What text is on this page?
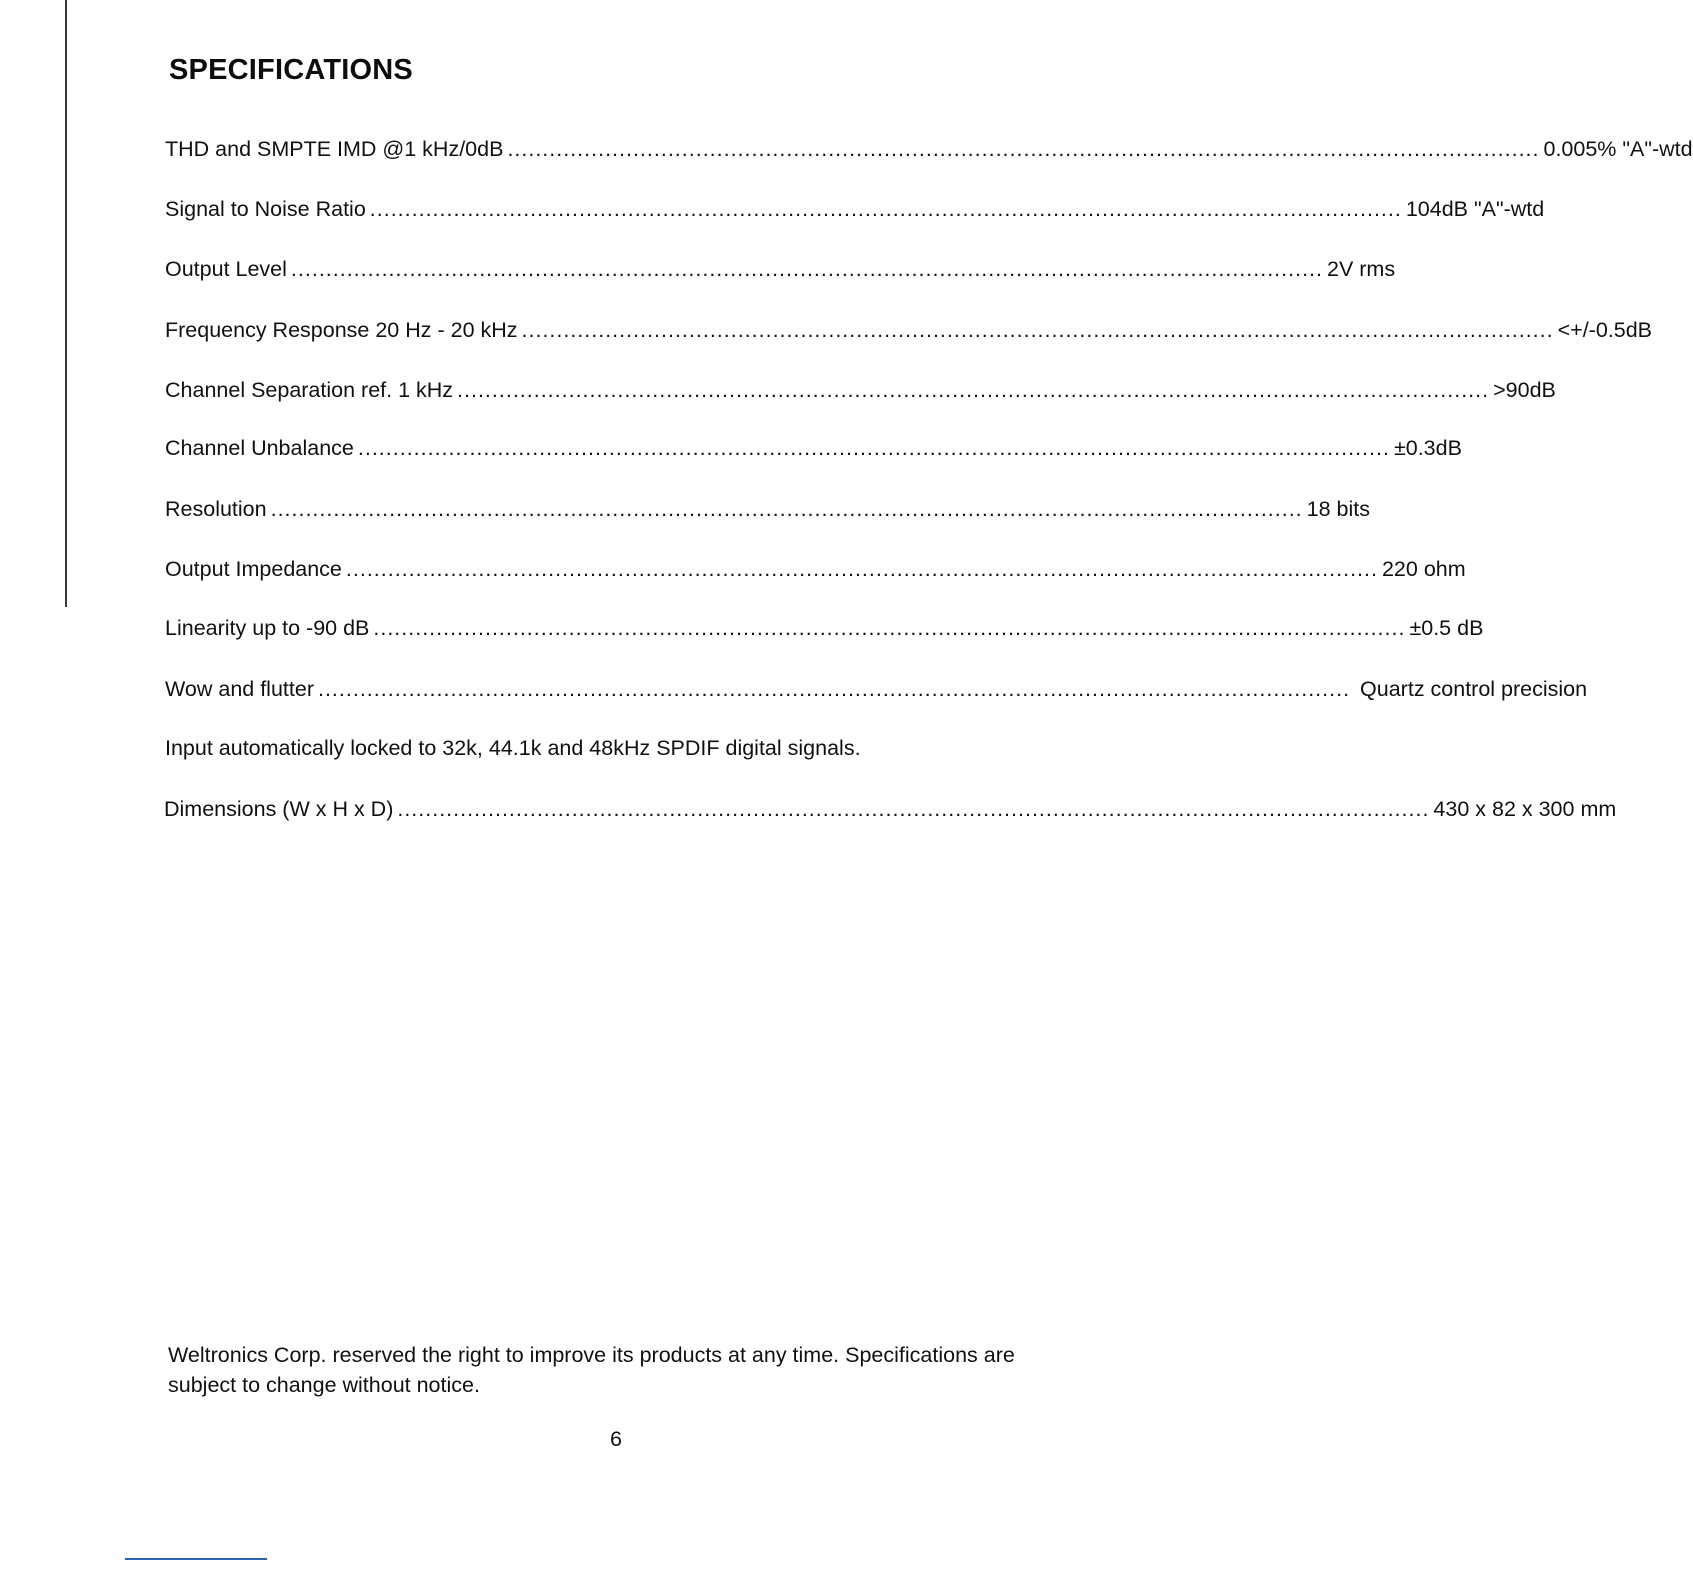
SPECIFICATIONS
THD and SMPTE IMD @1 kHz/0dB .................................................................................................................................................... 0.005% "A"-wtd
Signal to Noise Ratio .................................................................................................................................................... 104dB "A"-wtd
Output Level .................................................................................................................................................... 2V rms
Frequency Response 20 Hz - 20 kHz .................................................................................................................................................... <+/-0.5dB
Channel Separation ref. 1 kHz .................................................................................................................................................... >90dB
Channel Unbalance .................................................................................................................................................... ±0.3dB
Resolution .................................................................................................................................................... 18 bits
Output Impedance .................................................................................................................................................... 220 ohm
Linearity up to -90 dB .................................................................................................................................................... ±0.5 dB
Wow and flutter .................................................................................................................................................... Quartz control precision
Input automatically locked to 32k, 44.1k and 48kHz SPDIF digital signals.
Dimensions (W x H x D) .................................................................................................................................................... 430 x 82 x 300 mm

Weltronics Corp. reserved the right to improve its products at any time. Specifications are subject to change without notice.

6
